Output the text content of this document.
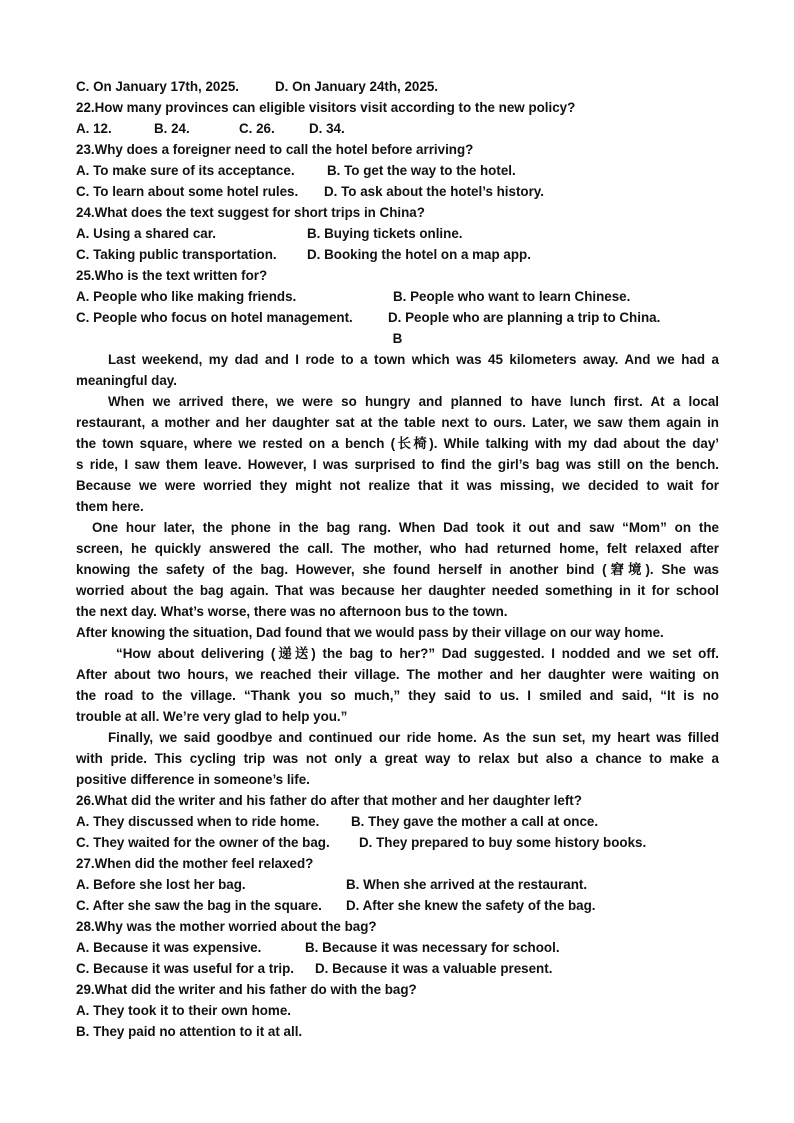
C. On January 17th, 2025.	D. On January 24th, 2025.
22.How many provinces can eligible visitors visit according to the new policy?
A. 12.	B. 24.	C. 26.	D. 34.
23.Why does a foreigner need to call the hotel before arriving?
A. To make sure of its acceptance. B. To get the way to the hotel.
C. To learn about some hotel rules. D. To ask about the hotel’s history.
24.What does the text suggest for short trips in China?
A. Using a shared car.	B. Buying tickets online.
C. Taking public transportation. D. Booking the hotel on a map app.
25.Who is the text written for?
A. People who like making friends.	B. People who want to learn Chinese.
C. People who focus on hotel management.	D. People who are planning a trip to China.
B
Last weekend, my dad and I rode to a town which was 45 kilometers away. And we had a
meaningful day.
When we arrived there, we were so hungry and planned to have lunch first. At a local
restaurant, a mother and her daughter sat at the table next to ours. Later, we saw them again in
the town square, where we rested on a bench (长椅). While talking with my dad about the day’
s ride, I saw them leave. However, I was surprised to find the girl’s bag was still on the bench.
Because we were worried they might not realize that it was missing, we decided to wait for
them here.
One hour later, the phone in the bag rang. When Dad took it out and saw “Mom” on the
screen, he quickly answered the call. The mother, who had returned home, felt relaxed after
knowing the safety of the bag. However, she found herself in another bind (窘境). She was
worried about the bag again. That was because her daughter needed something in it for school
the next day. What’s worse, there was no afternoon bus to the town.
After knowing the situation, Dad found that we would pass by their village on our way home.
“How about delivering (递送) the bag to her?” Dad suggested. I nodded and we set off.
After about two hours, we reached their village. The mother and her daughter were waiting on
the road to the village. “Thank you so much,” they said to us. I smiled and said, “It is no
trouble at all. We’re very glad to help you.”
Finally, we said goodbye and continued our ride home. As the sun set, my heart was filled
with pride. This cycling trip was not only a great way to relax but also a chance to make a
positive difference in someone’s life.
26.What did the writer and his father do after that mother and her daughter left?
A. They discussed when to ride home. B. They gave the mother a call at once.
C. They waited for the owner of the bag. D. They prepared to buy some history books.
27.When did the mother feel relaxed?
A. Before she lost her bag.	B. When she arrived at the restaurant.
C. After she saw the bag in the square. D. After she knew the safety of the bag.
28.Why was the mother worried about the bag?
A. Because it was expensive.	B. Because it was necessary for school.
C. Because it was useful for a trip. D. Because it was a valuable present.
29.What did the writer and his father do with the bag?
A. They took it to their own home.
B. They paid no attention to it at all.
